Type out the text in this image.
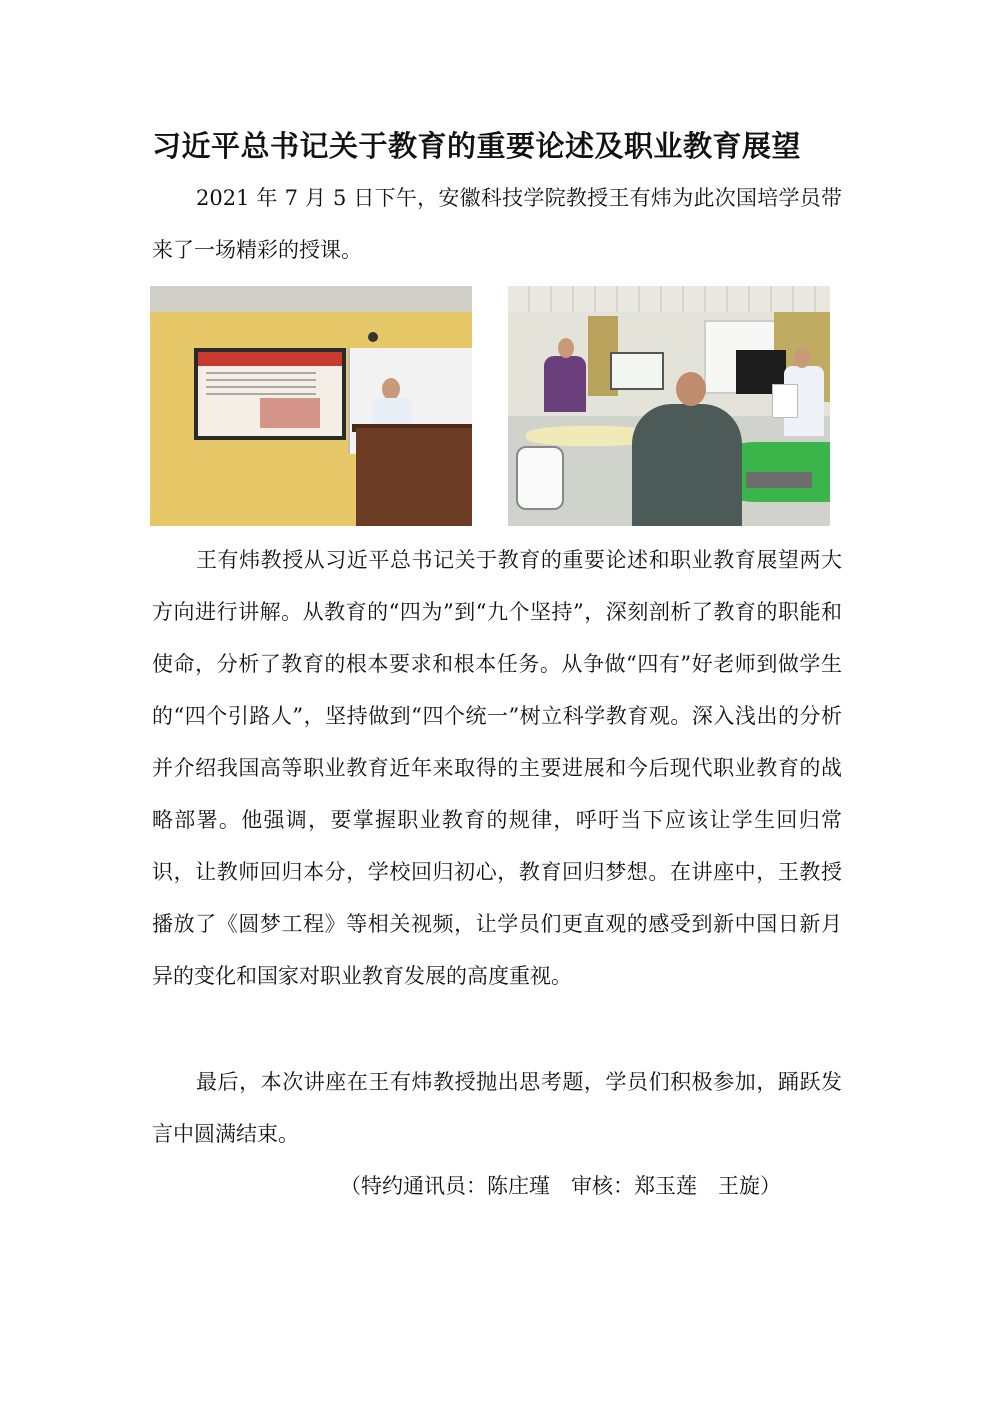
习近平总书记关于教育的重要论述及职业教育展望

2021 年 7 月 5 日下午，安徽科技学院教授王有炜为此次国培学员带来了一场精彩的授课。

王有炜教授从习近平总书记关于教育的重要论述和职业教育展望两大方向进行讲解。从教育的“四为”到“九个坚持”，深刻剖析了教育的职能和使命，分析了教育的根本要求和根本任务。从争做“四有”好老师到做学生的“四个引路人”，坚持做到“四个统一”树立科学教育观。深入浅出的分析并介绍我国高等职业教育近年来取得的主要进展和今后现代职业教育的战略部署。他强调，要掌握职业教育的规律，呼吁当下应该让学生回归常识，让教师回归本分，学校回归初心，教育回归梦想。在讲座中，王教授播放了《圆梦工程》等相关视频，让学员们更直观的感受到新中国日新月异的变化和国家对职业教育发展的高度重视。

最后，本次讲座在王有炜教授抛出思考题，学员们积极参加，踊跃发言中圆满结束。

（特约通讯员：陈庄瑾　审核：郑玉莲　王旋）
